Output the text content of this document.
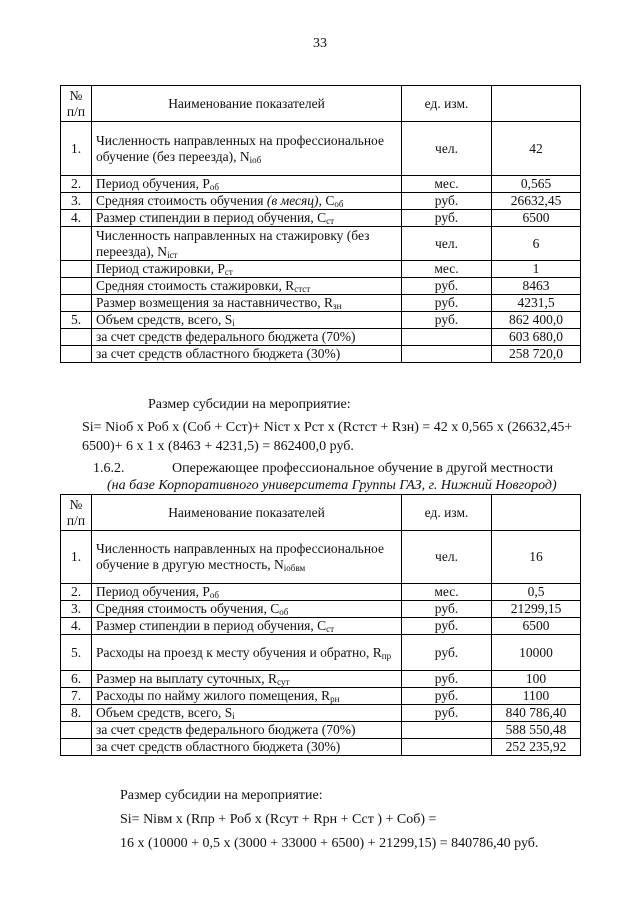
33
№ п/п	Наименование показателей	ед. изм.	
1.	Численность направленных на профессиональное обучение (без переезда), $N_{iоб}$	чел.	42
2.	Период обучения, $Р_{об}$	мес.	0,565
3.	Средняя стоимость обучения (в месяц), $С_{об}$	руб.	26632,45
4.	Размер стипендии в период обучения, $С_{ст}$	руб.	6500
	Численность направленных на стажировку (без переезда), $N_{iст}$	чел.	6
	Период стажировки, $Р_{ст}$	мес.	1
	Средняя стоимость стажировки, $R_{стст}$	руб.	8463
	Размер возмещения за наставничество, $R_{зн}$	руб.	4231,5
5.	Объем средств, всего, $S_i$	руб.	862 400,0
	за счет средств федерального бюджета (70%)		603 680,0
	за счет средств областного бюджета (30%)		258 720,0
Размер субсидии на мероприятие:
Si= Niоб х Роб х (Соб + Сст)+ Niст х Рст х (Rстст + Rзн) = 42 х 0,565 х (26632,45+
6500)+ 6 х 1 х (8463 + 4231,5) = 862400,0 руб.
1.6.2.	Опережающее профессиональное обучение в другой местности
(на базе Корпоративного университета Группы ГАЗ, г. Нижний Новгород)
№ п/п	Наименование показателей	ед. изм.	
1.	Численность направленных на профессиональное обучение в другую местность, $N_{iобвм}$	чел.	16
2.	Период обучения, $Р_{об}$	мес.	0,5
3.	Средняя стоимость обучения, $С_{об}$	руб.	21299,15
4.	Размер стипендии в период обучения, $С_{ст}$	руб.	6500
5.	Расходы на проезд к месту обучения и обратно, $R_{пр}$	руб.	10000
6.	Размер на выплату суточных, $R_{сут}$	руб.	100
7.	Расходы по найму жилого помещения, $R_{рн}$	руб.	1100
8.	Объем средств, всего, $S_i$	руб.	840 786,40
	за счет средств федерального бюджета (70%)		588 550,48
	за счет средств областного бюджета (30%)		252 235,92
Размер субсидии на мероприятие:
Si= Niвм х (Rпр + Роб х (Rсут + Rрн + Сст ) + Соб) =
16 х (10000 + 0,5 х (3000 + 33000 + 6500) + 21299,15) = 840786,40 руб.
